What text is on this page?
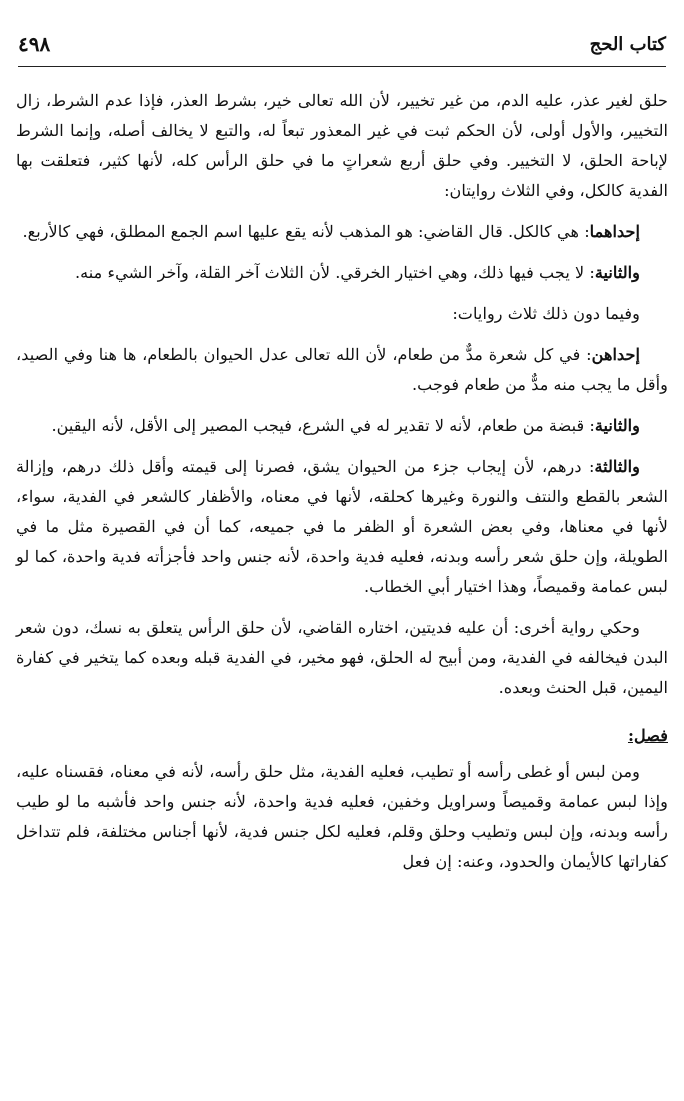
كتاب الحج
٤٩٨

حلق لغير عذر، عليه الدم، من غير تخيير، لأن الله تعالى خير، بشرط العذر، فإذا عدم الشرط، زال التخيير، والأول أولى، لأن الحكم ثبت في غير المعذور تبعاً له، والتبع لا يخالف أصله، وإنما الشرط لإباحة الحلق، لا التخيير. وفي حلق أربع شعراتٍ ما في حلق الرأس كله، لأنها كثير، فتعلقت بها الفدية كالكل، وفي الثلاث روايتان:

إحداهما: هي كالكل. قال القاضي: هو المذهب لأنه يقع عليها اسم الجمع المطلق، فهي كالأربع.

والثانية: لا يجب فيها ذلك، وهي اختيار الخرقي. لأن الثلاث آخر القلة، وآخر الشيء منه.

وفيما دون ذلك ثلاث روايات:

إحداهن: في كل شعرة مدٌّ من طعام، لأن الله تعالى عدل الحيوان بالطعام، ها هنا وفي الصيد، وأقل ما يجب منه مدٌّ من طعام فوجب.

والثانية: قبضة من طعام، لأنه لا تقدير له في الشرع، فيجب المصير إلى الأقل، لأنه اليقين.

والثالثة: درهم، لأن إيجاب جزء من الحيوان يشق، فصرنا إلى قيمته وأقل ذلك درهم، وإزالة الشعر بالقطع والنتف والنورة وغيرها كحلقه، لأنها في معناه، والأظفار كالشعر في الفدية، سواء، لأنها في معناها، وفي بعض الشعرة أو الظفر ما في جميعه، كما أن في القصيرة مثل ما في الطويلة، وإن حلق شعر رأسه وبدنه، فعليه فدية واحدة، لأنه جنس واحد فأجزأته فدية واحدة، كما لو لبس عمامة وقميصاً، وهذا اختيار أبي الخطاب.

وحكي رواية أخرى: أن عليه فديتين، اختاره القاضي، لأن حلق الرأس يتعلق به نسك، دون شعر البدن فيخالفه في الفدية، ومن أبيح له الحلق، فهو مخير، في الفدية قبله وبعده كما يتخير في كفارة اليمين، قبل الحنث وبعده.

فصل:

ومن لبس أو غطى رأسه أو تطيب، فعليه الفدية، مثل حلق رأسه، لأنه في معناه، فقسناه عليه، وإذا لبس عمامة وقميصاً وسراويل وخفين، فعليه فدية واحدة، لأنه جنس واحد فأشبه ما لو طيب رأسه وبدنه، وإن لبس وتطيب وحلق وقلم، فعليه لكل جنس فدية، لأنها أجناس مختلفة، فلم تتداخل كفاراتها كالأيمان والحدود، وعنه: إن فعل
